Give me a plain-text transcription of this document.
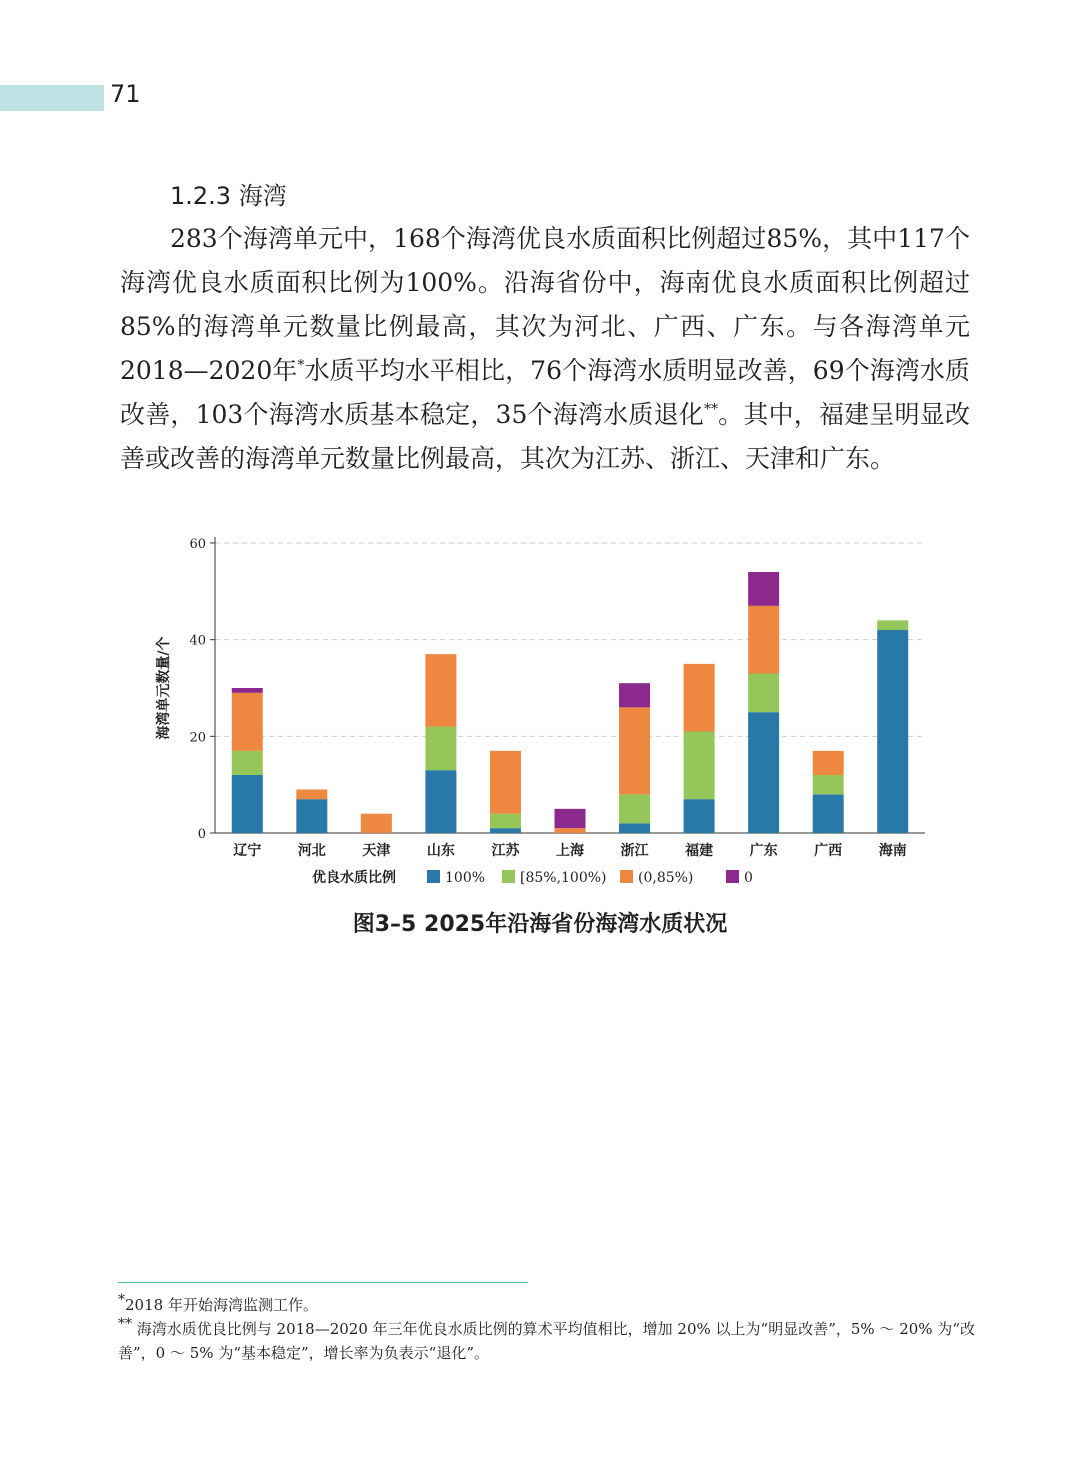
71
1.2.3 海湾

283个海湾单元中，168个海湾优良水质面积比例超过85%，其中117个海湾优良水质面积比例为100%。沿海省份中，海南优良水质面积比例超过85%的海湾单元数量比例最高，其次为河北、广西、广东。与各海湾单元2018—2020年*水质平均水平相比，76个海湾水质明显改善，69个海湾水质改善，103个海湾水质基本稳定，35个海湾水质退化**。其中，福建呈明显改善或改善的海湾单元数量比例最高，其次为江苏、浙江、天津和广东。

0
20
40
60
海湾单元数量/个
辽宁	河北	天津	山东	江苏	上海	浙江	福建	广东	广西	海南
优良水质比例	100% [85%,100%) (0,85%)	0
图3–5 2025年沿海省份海湾水质状况
*2018 年开始海湾监测工作。
** 海湾水质优良比例与 2018—2020 年三年优良水质比例的算术平均值相比，增加 20% 以上为“明显改善”，5% ～ 20% 为“改善”，0 ～ 5% 为“基本稳定”，增长率为负表示“退化”。
